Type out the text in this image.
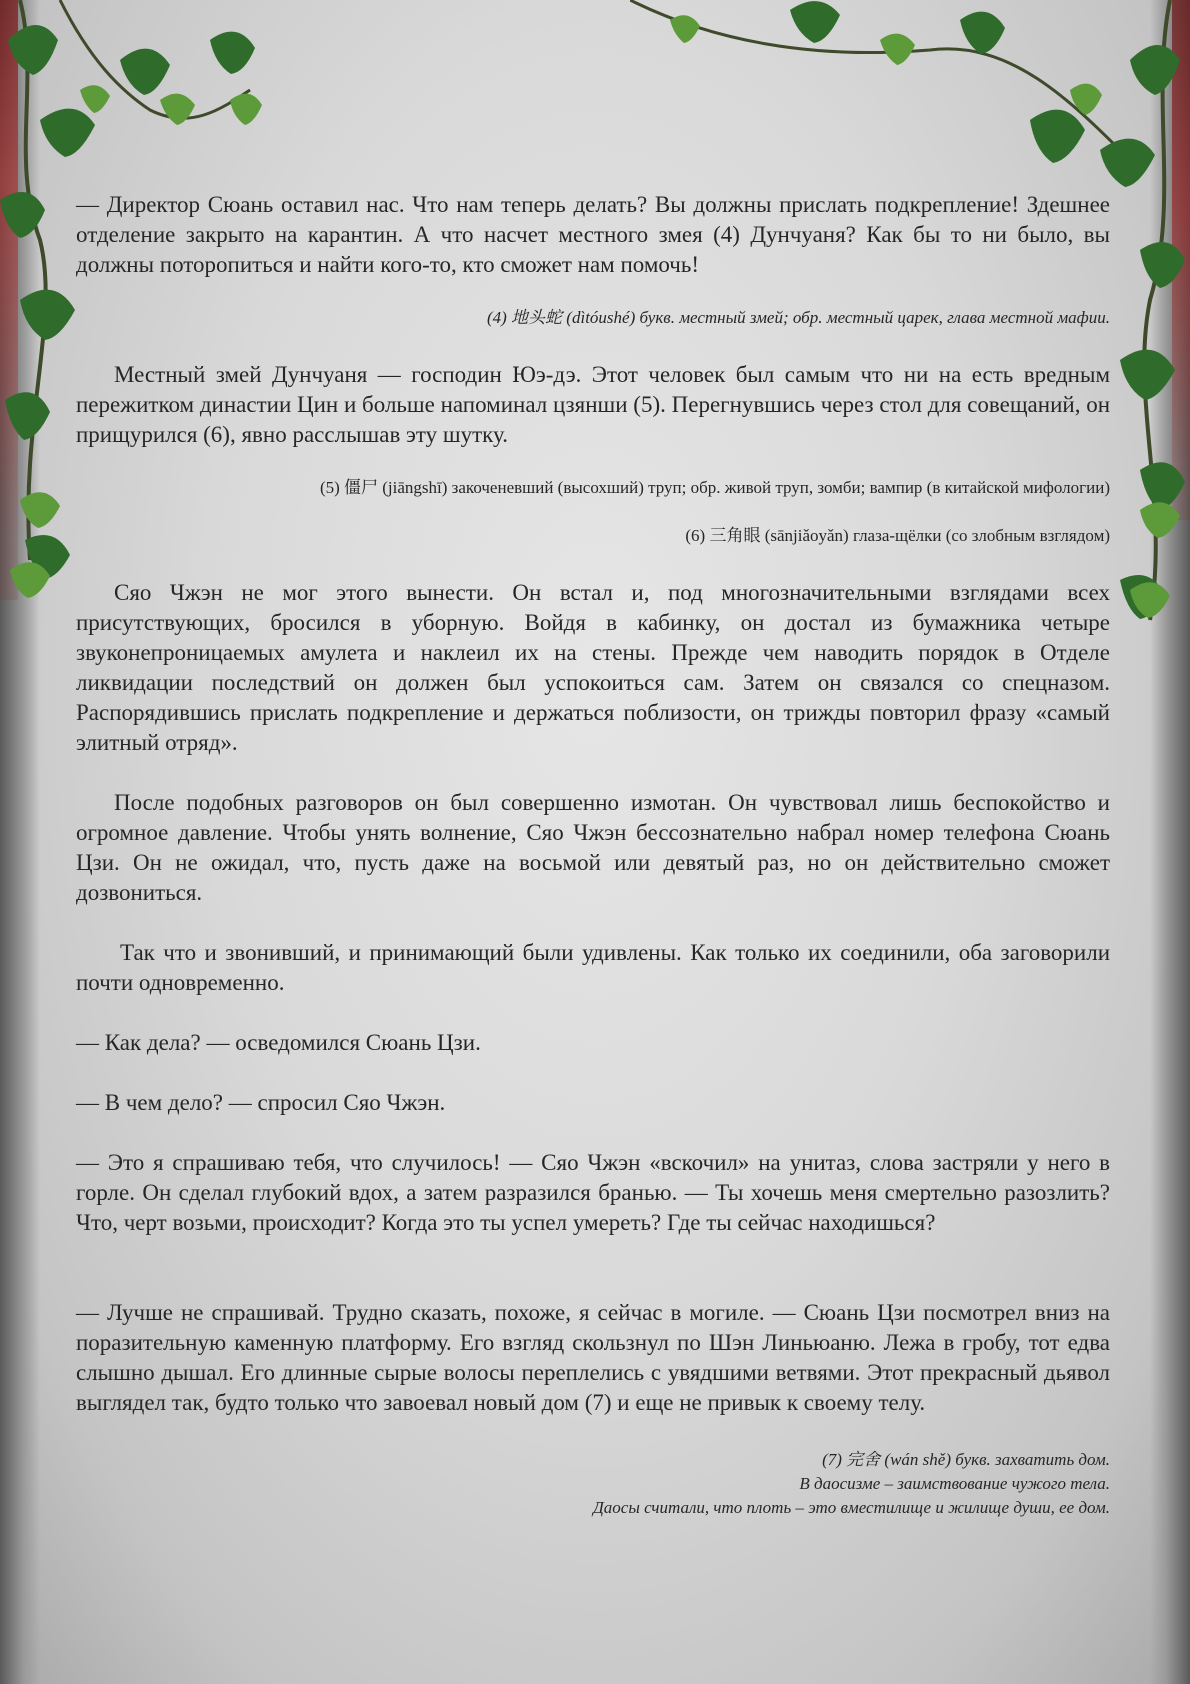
— Директор Сюань оставил нас. Что нам теперь делать? Вы должны прислать подкрепление! Здешнее отделение закрыто на карантин. А что насчет местного змея (4) Дунчуаня? Как бы то ни было, вы должны поторопиться и найти кого-то, кто сможет нам помочь!

(4) 地头蛇 (dìtóushé) букв. местный змей; обр. местный царек, глава местной мафии.

Местный змей Дунчуаня — господин Юэ-дэ. Этот человек был самым что ни на есть вредным пережитком династии Цин и больше напоминал цзянши (5). Перегнувшись через стол для совещаний, он прищурился (6), явно расслышав эту шутку.

(5) 僵尸 (jiāngshī) закоченевший (высохший) труп; обр. живой труп, зомби; вампир (в китайской мифологии)

(6) 三角眼 (sānjiǎoyǎn) глаза-щёлки (со злобным взглядом)

Сяо Чжэн не мог этого вынести. Он встал и, под многозначительными взглядами всех присутствующих, бросился в уборную. Войдя в кабинку, он достал из бумажника четыре звуконепроницаемых амулета и наклеил их на стены. Прежде чем наводить порядок в Отделе ликвидации последствий он должен был успокоиться сам. Затем он связался со спецназом. Распорядившись прислать подкрепление и держаться поблизости, он трижды повторил фразу «самый элитный отряд».

После подобных разговоров он был совершенно измотан. Он чувствовал лишь беспокойство и огромное давление. Чтобы унять волнение, Сяо Чжэн бессознательно набрал номер телефона Сюань Цзи. Он не ожидал, что, пусть даже на восьмой или девятый раз, но он действительно сможет дозвониться.

Так что и звонивший, и принимающий были удивлены. Как только их соединили, оба заговорили почти одновременно.

— Как дела? — осведомился Сюань Цзи.

— В чем дело? — спросил Сяо Чжэн.

— Это я спрашиваю тебя, что случилось! — Сяо Чжэн «вскочил» на унитаз, слова застряли у него в горле. Он сделал глубокий вдох, а затем разразился бранью. — Ты хочешь меня смертельно разозлить? Что, черт возьми, происходит? Когда это ты успел умереть? Где ты сейчас находишься?

— Лучше не спрашивай. Трудно сказать, похоже, я сейчас в могиле. — Сюань Цзи посмотрел вниз на поразительную каменную платформу. Его взгляд скользнул по Шэн Линьюаню. Лежа в гробу, тот едва слышно дышал. Его длинные сырые волосы переплелись с увядшими ветвями. Этот прекрасный дьявол выглядел так, будто только что завоевал новый дом (7) и еще не привык к своему телу.

(7) 完舍 (wán shě) букв. захватить дом.

В даосизме – заимствование чужого тела.

Даосы считали, что плоть – это вместилище и жилище души, ее дом.
